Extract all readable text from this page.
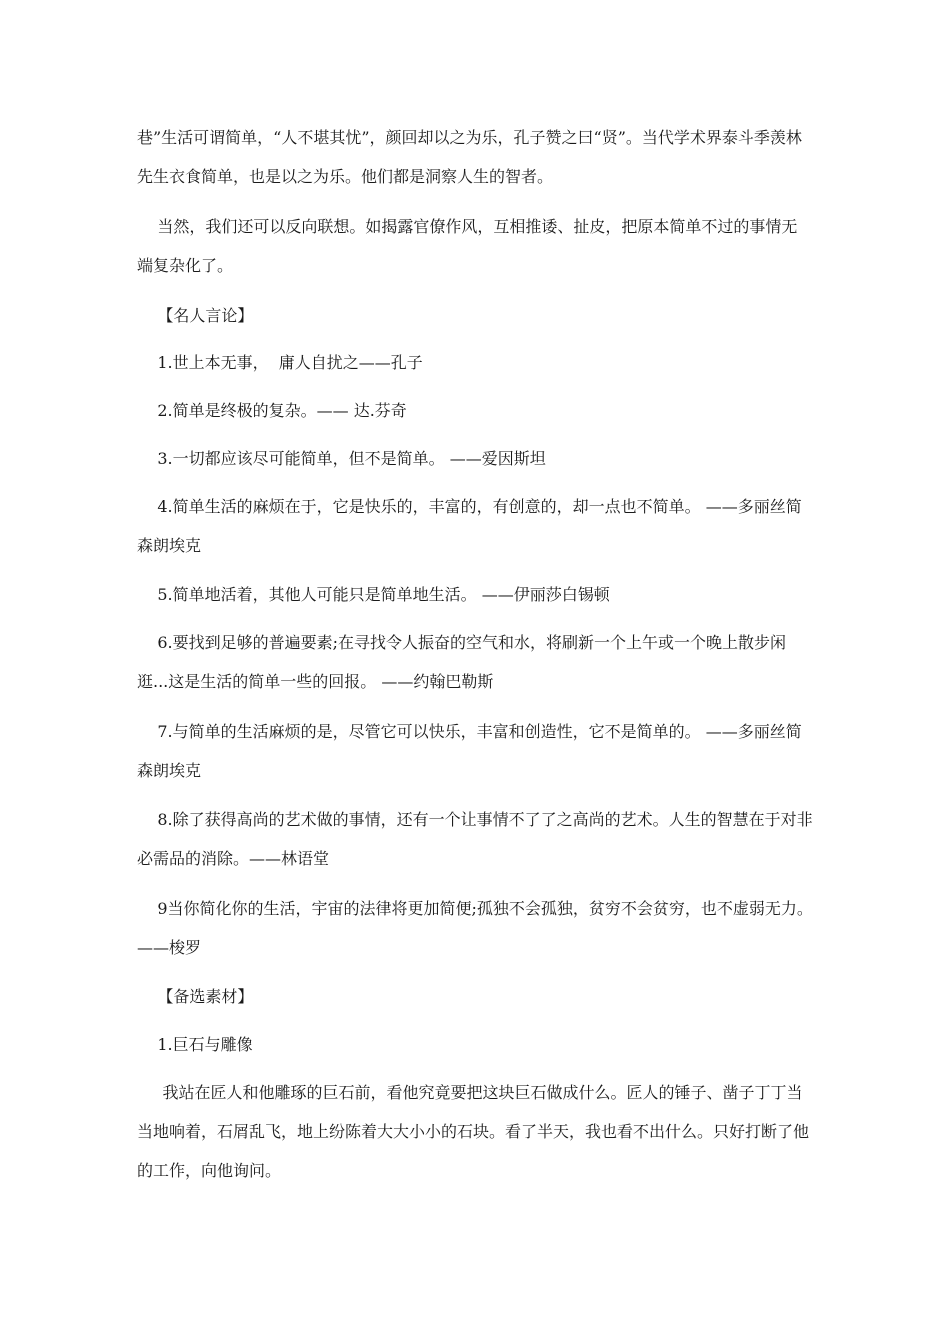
巷”生活可谓简单，“人不堪其忧”，颜回却以之为乐，孔子赞之曰“贤”。当代学术界泰斗季羡林先生衣食简单，也是以之为乐。他们都是洞察人生的智者。

当然，我们还可以反向联想。如揭露官僚作风，互相推诿、扯皮，把原本简单不过的事情无端复杂化了。

【名人言论】

1.世上本无事，  庸人自扰之——孔子

2.简单是终极的复杂。—— 达.芬奇

3.一切都应该尽可能简单，但不是简单。 ——爱因斯坦

4.简单生活的麻烦在于，它是快乐的，丰富的，有创意的，却一点也不简单。 ——多丽丝简森朗埃克

5.简单地活着，其他人可能只是简单地生活。 ——伊丽莎白锡顿

6.要找到足够的普遍要素;在寻找令人振奋的空气和水，将刷新一个上午或一个晚上散步闲逛...这是生活的简单一些的回报。 ——约翰巴勒斯

7.与简单的生活麻烦的是，尽管它可以快乐，丰富和创造性，它不是简单的。 ——多丽丝简森朗埃克

8.除了获得高尚的艺术做的事情，还有一个让事情不了了之高尚的艺术。人生的智慧在于对非必需品的消除。——林语堂

9当你简化你的生活，宇宙的法律将更加简便;孤独不会孤独，贫穷不会贫穷，也不虚弱无力。 ——梭罗

【备选素材】

1.巨石与雕像

我站在匠人和他雕琢的巨石前，看他究竟要把这块巨石做成什么。匠人的锤子、凿子丁丁当当地响着，石屑乱飞，地上纷陈着大大小小的石块。看了半天，我也看不出什么。只好打断了他的工作，向他询问。
